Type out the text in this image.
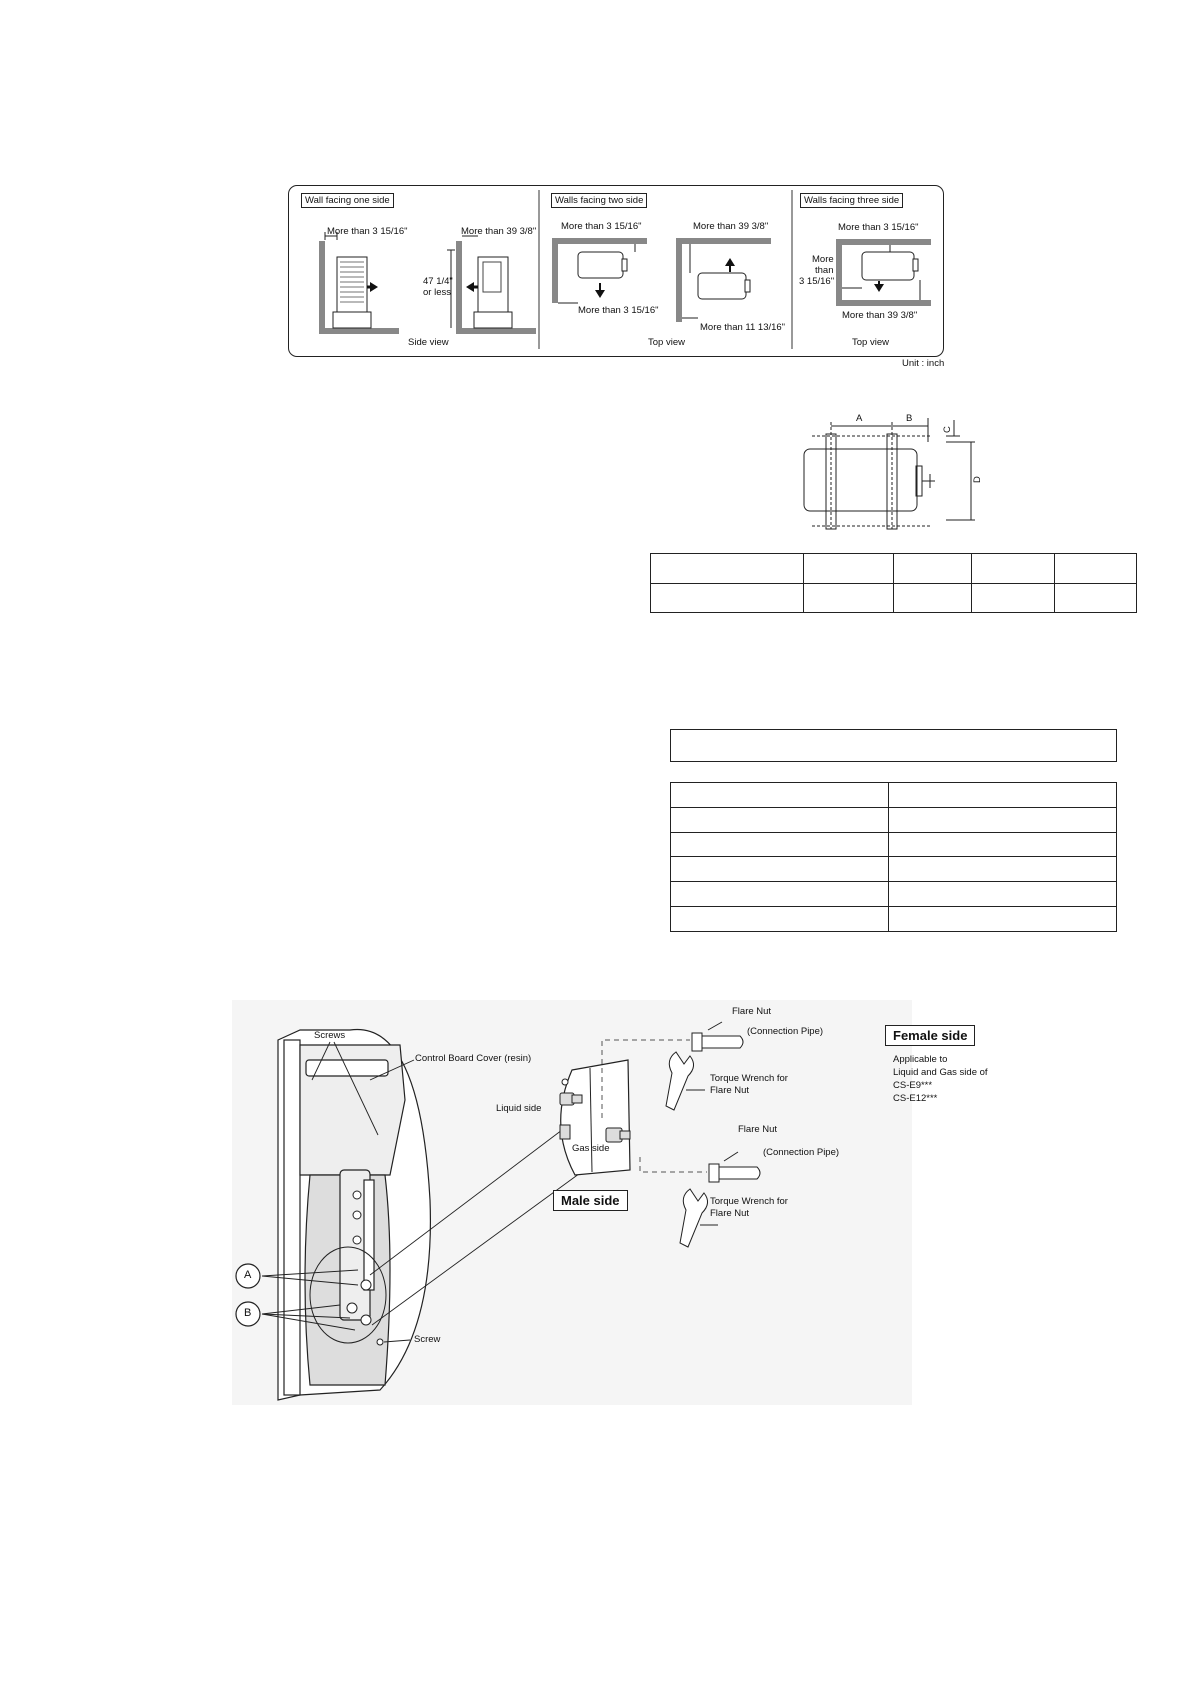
Wall facing one side	Walls facing two side	Walls facing three side
More than 3 15/16"	More than 39 3/8"
47 1/4"
or less
Side view
More than 3 15/16"
More than 3 15/16"
More than 39 3/8"
More than 11 13/16"
Top view
More than 3 15/16"
More
than
3 15/16"
More than 39 3/8"
Top view
Unit : inch
A	B
C
D

Screws
Control Board Cover (resin)
Liquid side
Gas side
Male side
A
B
Screw
Flare Nut
(Connection Pipe)
Torque Wrench for
Flare Nut
Flare Nut
(Connection Pipe)
Torque Wrench for
Flare Nut
Female side
Applicable to
Liquid and Gas side of
CS-E9***
CS-E12***
